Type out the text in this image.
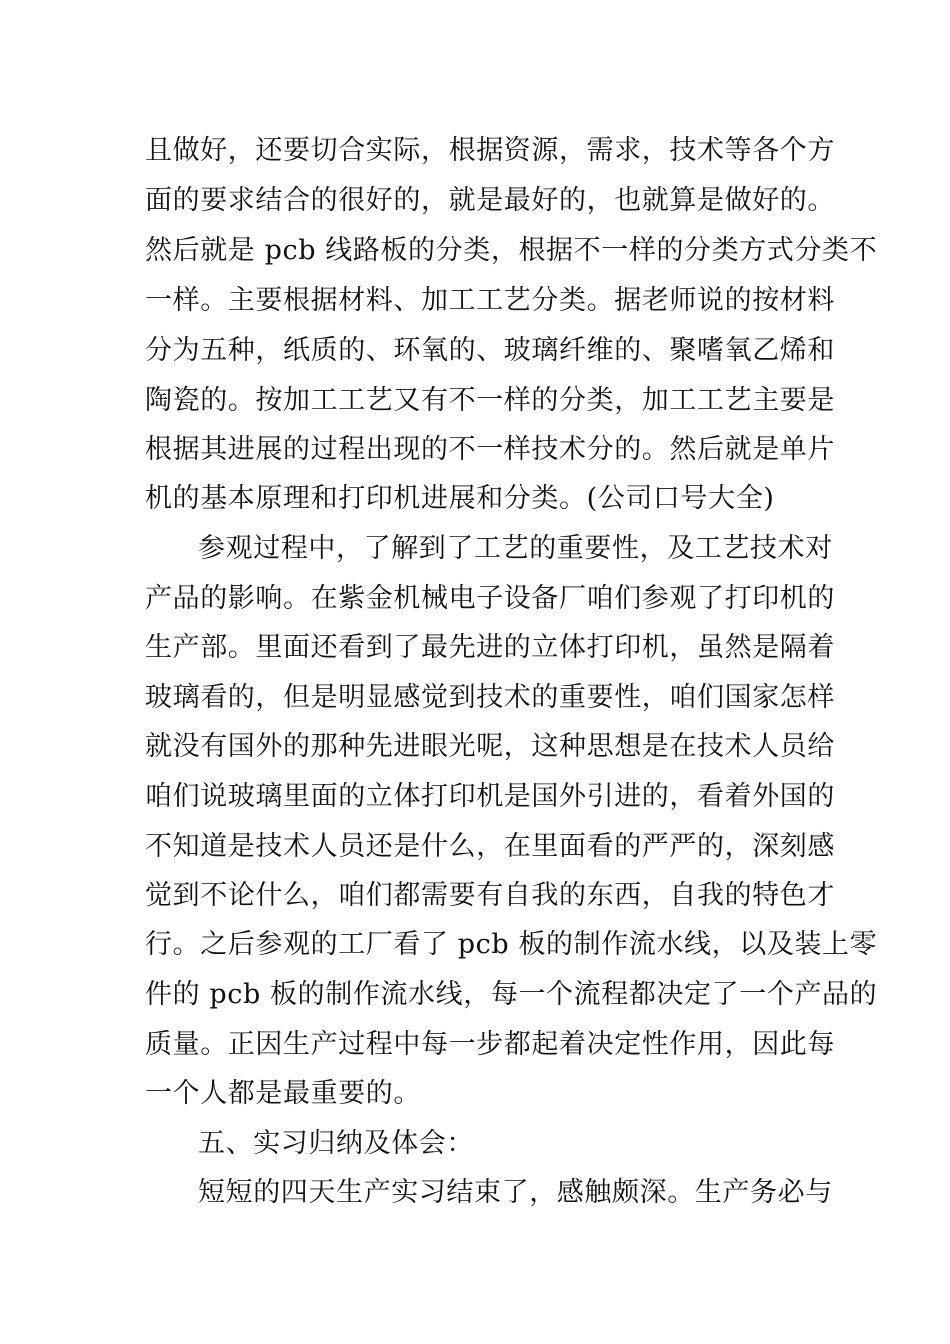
且做好，还要切合实际，根据资源，需求，技术等各个方
面的要求结合的很好的，就是最好的，也就算是做好的。
然后就是 pcb 线路板的分类，根据不一样的分类方式分类不
一样。主要根据材料、加工工艺分类。据老师说的按材料
分为五种，纸质的、环氧的、玻璃纤维的、聚嗜氧乙烯和
陶瓷的。按加工工艺又有不一样的分类，加工工艺主要是
根据其进展的过程出现的不一样技术分的。然后就是单片
机的基本原理和打印机进展和分类。(公司口号大全)
参观过程中，了解到了工艺的重要性，及工艺技术对
产品的影响。在紫金机械电子设备厂咱们参观了打印机的
生产部。里面还看到了最先进的立体打印机，虽然是隔着
玻璃看的，但是明显感觉到技术的重要性，咱们国家怎样
就没有国外的那种先进眼光呢，这种思想是在技术人员给
咱们说玻璃里面的立体打印机是国外引进的，看着外国的
不知道是技术人员还是什么，在里面看的严严的，深刻感
觉到不论什么，咱们都需要有自我的东西，自我的特色才
行。之后参观的工厂看了 pcb 板的制作流水线，以及装上零
件的 pcb 板的制作流水线，每一个流程都决定了一个产品的
质量。正因生产过程中每一步都起着决定性作用，因此每
一个人都是最重要的。
五、实习归纳及体会：
短短的四天生产实习结束了，感触颇深。生产务必与
